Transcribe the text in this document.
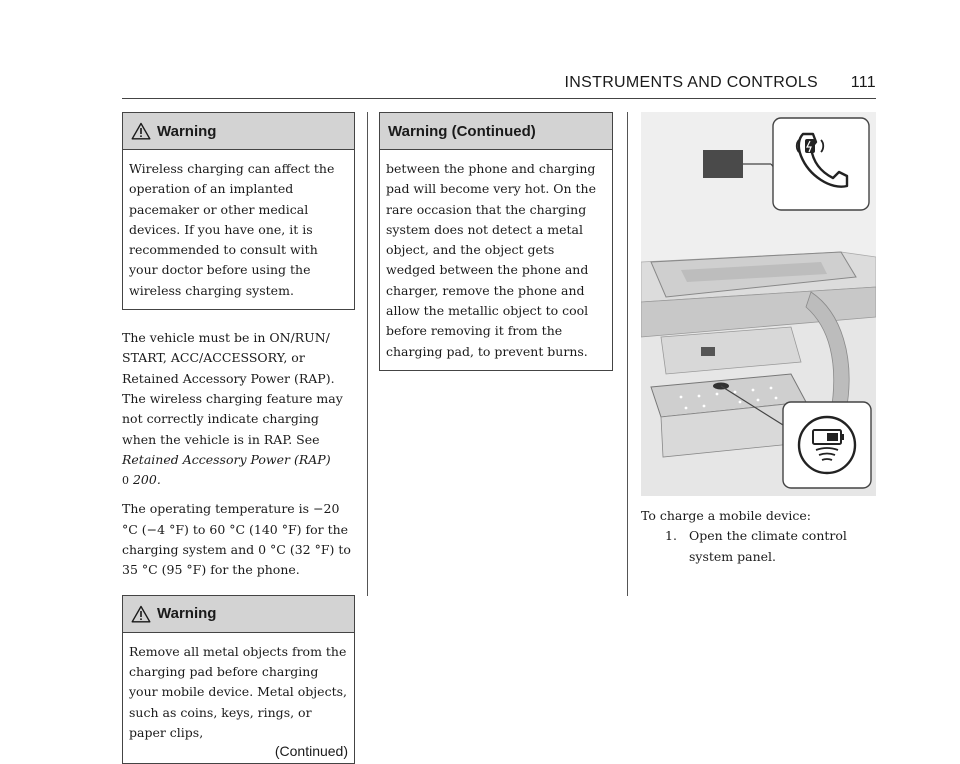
INSTRUMENTS AND CONTROLS 111
Warning
Wireless charging can affect the operation of an implanted pacemaker or other medical devices. If you have one, it is recommended to consult with your doctor before using the wireless charging system.

The vehicle must be in ON/RUN/ START, ACC/ACCESSORY, or Retained Accessory Power (RAP). The wireless charging feature may not correctly indicate charging when the vehicle is in RAP. See Retained Accessory Power (RAP)
0 200.

The operating temperature is −20 °C (−4 °F) to 60 °C (140 °F) for the charging system and 0 °C (32 °F) to 35 °C (95 °F) for the phone.

Warning
Remove all metal objects from the charging pad before charging your mobile device. Metal objects, such as coins, keys, rings, or paper clips,
(Continued)
Warning (Continued)
between the phone and charging pad will become very hot. On the rare occasion that the charging system does not detect a metal object, and the object gets wedged between the phone and charger, remove the phone and allow the metallic object to cool before removing it from the charging pad, to prevent burns.
To charge a mobile device:
1. Open the climate control system panel.
